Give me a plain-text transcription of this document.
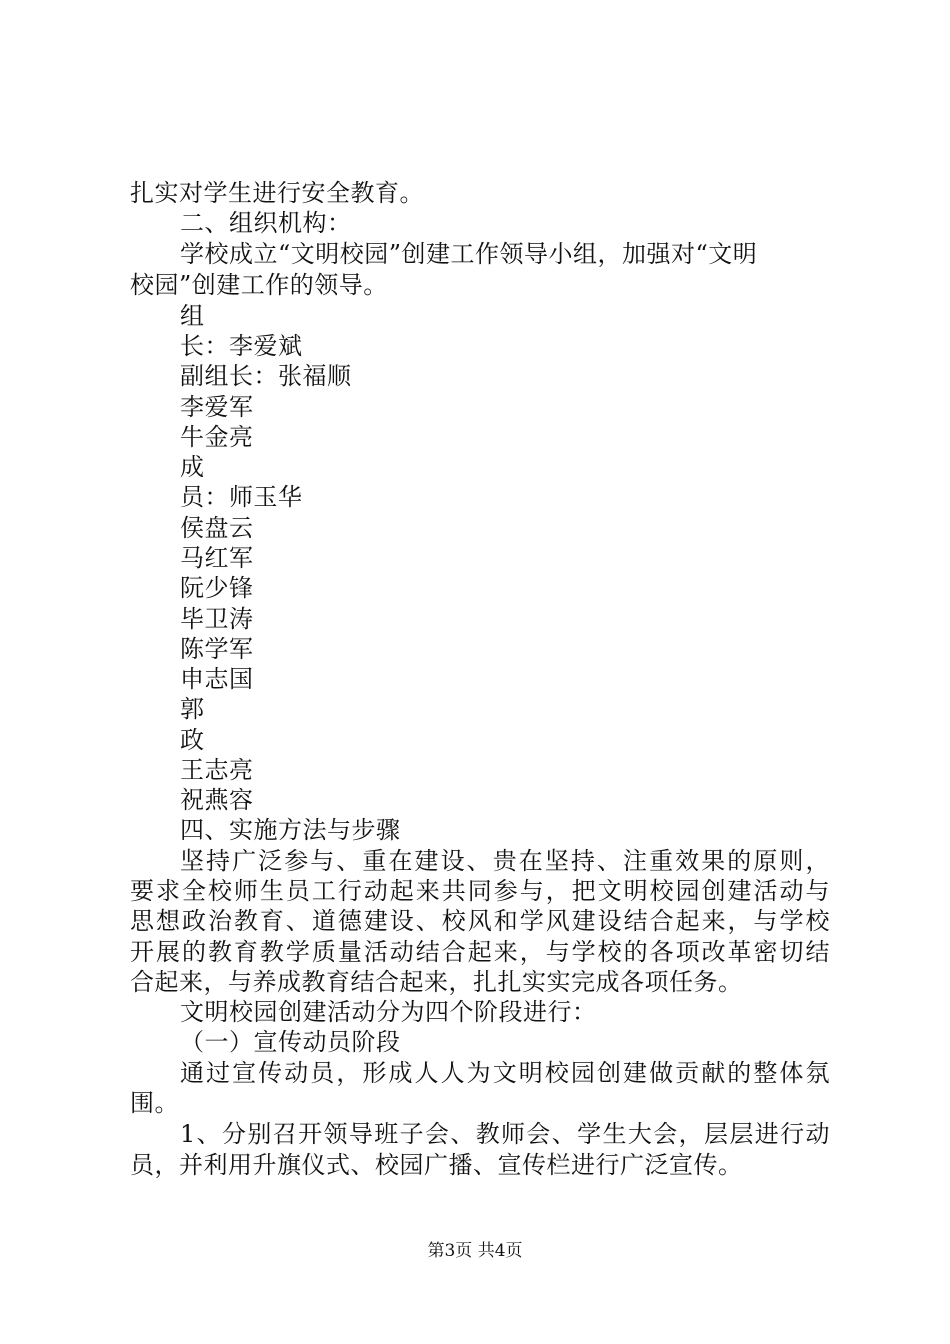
扎实对学生进行安全教育。
二、组织机构：
学校成立“文明校园”创建工作领导小组，加强对“文明
校园”创建工作的领导。
组
长：李爱斌
副组长：张福顺
李爱军
牛金亮
成
员：师玉华
侯盘云
马红军
阮少锋
毕卫涛
陈学军
申志国
郭
政
王志亮
祝燕容
四、实施方法与步骤
坚持广泛参与、重在建设、贵在坚持、注重效果的原则，
要求全校师生员工行动起来共同参与，把文明校园创建活动与
思想政治教育、道德建设、校风和学风建设结合起来，与学校
开展的教育教学质量活动结合起来，与学校的各项改革密切结
合起来，与养成教育结合起来，扎扎实实完成各项任务。
文明校园创建活动分为四个阶段进行：
（一）宣传动员阶段
通过宣传动员，形成人人为文明校园创建做贡献的整体氛
围。
1、分别召开领导班子会、教师会、学生大会，层层进行动
员，并利用升旗仪式、校园广播、宣传栏进行广泛宣传。
第3页 共4页
